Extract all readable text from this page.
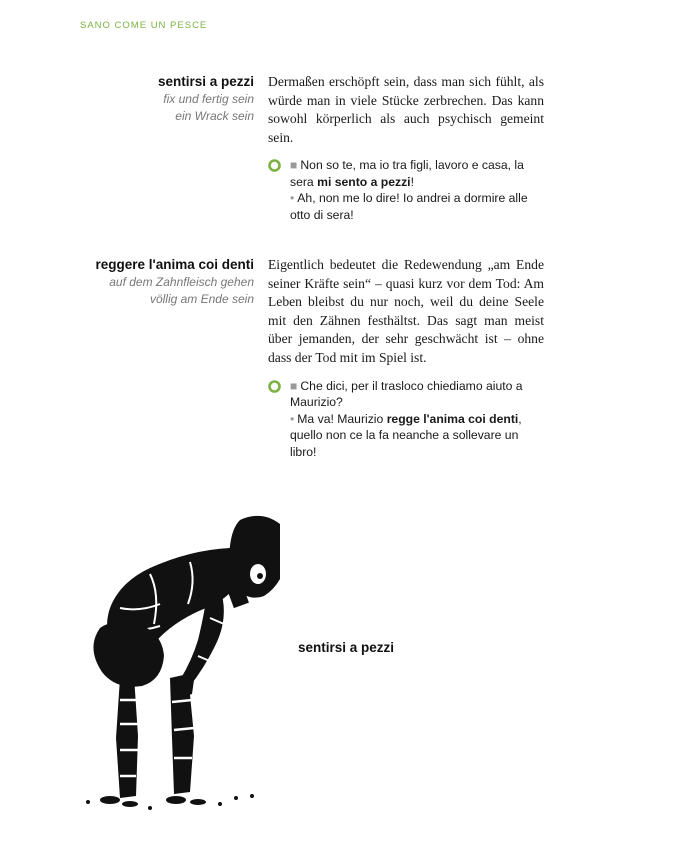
SANO COME UN PESCE
sentirsi a pezzi
fix und fertig sein
ein Wrack sein

Dermaßen erschöpft sein, dass man sich fühlt, als würde man in viele Stücke zerbrechen. Das kann sowohl körperlich als auch psychisch gemeint sein.

■ Non so te, ma io tra figli, lavoro e casa, la sera mi sento a pezzi!
• Ah, non me lo dire! Io andrei a dormire alle otto di sera!
reggere l'anima coi denti
auf dem Zahnfleisch gehen
völlig am Ende sein

Eigentlich bedeutet die Redewendung „am Ende seiner Kräfte sein“ – quasi kurz vor dem Tod: Am Leben bleibst du nur noch, weil du deine Seele mit den Zähnen festhältst. Das sagt man meist über jemanden, der sehr geschwächt ist – ohne dass der Tod mit im Spiel ist.

■ Che dici, per il trasloco chiediamo aiuto a Maurizio?
• Ma va! Maurizio regge l'anima coi denti, quello non ce la fa neanche a sollevare un libro!
sentirsi a pezzi
